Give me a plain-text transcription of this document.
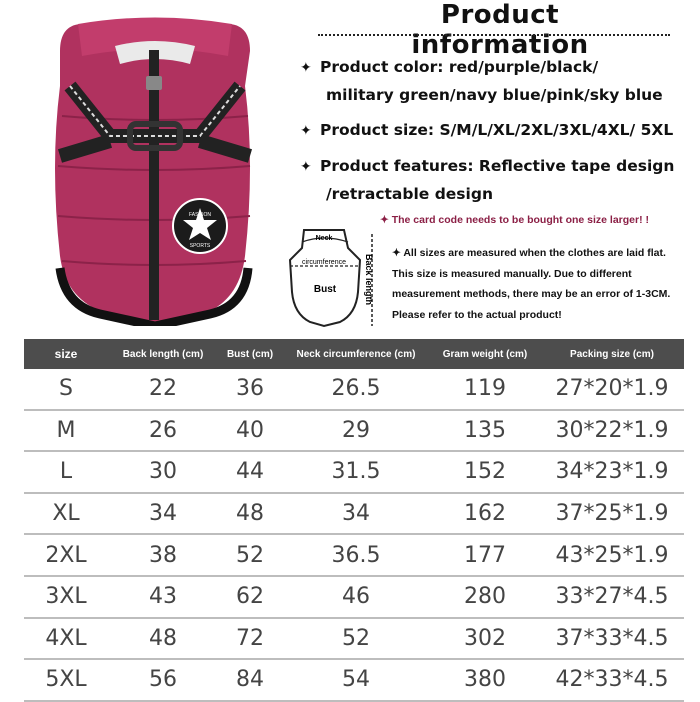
FASHION
SPORTS
Product information
✦ Product color: red/purple/black/
military green/navy blue/pink/sky blue
✦ Product size: S/M/L/XL/2XL/3XL/4XL/ 5XL
✦ Product features: Reflective tape design
/retractable design
✦ The card code needs to be bought one size larger! !
✦ All sizes are measured when the clothes are laid flat.
This size is measured manually. Due to different
measurement methods, there may be an error of 1-3CM.
Please refer to the actual product!
Neck
circumference
Bust	Back length
size	Back length (cm)	Bust (cm)	Neck circumference (cm)	Gram weight (cm)	Packing size (cm)
S	22	36	26.5	119	27*20*1.9
M	26	40	29	135	30*22*1.9
L	30	44	31.5	152	34*23*1.9
XL	34	48	34	162	37*25*1.9
2XL	38	52	36.5	177	43*25*1.9
3XL	43	62	46	280	33*27*4.5
4XL	48	72	52	302	37*33*4.5
5XL	56	84	54	380	42*33*4.5
